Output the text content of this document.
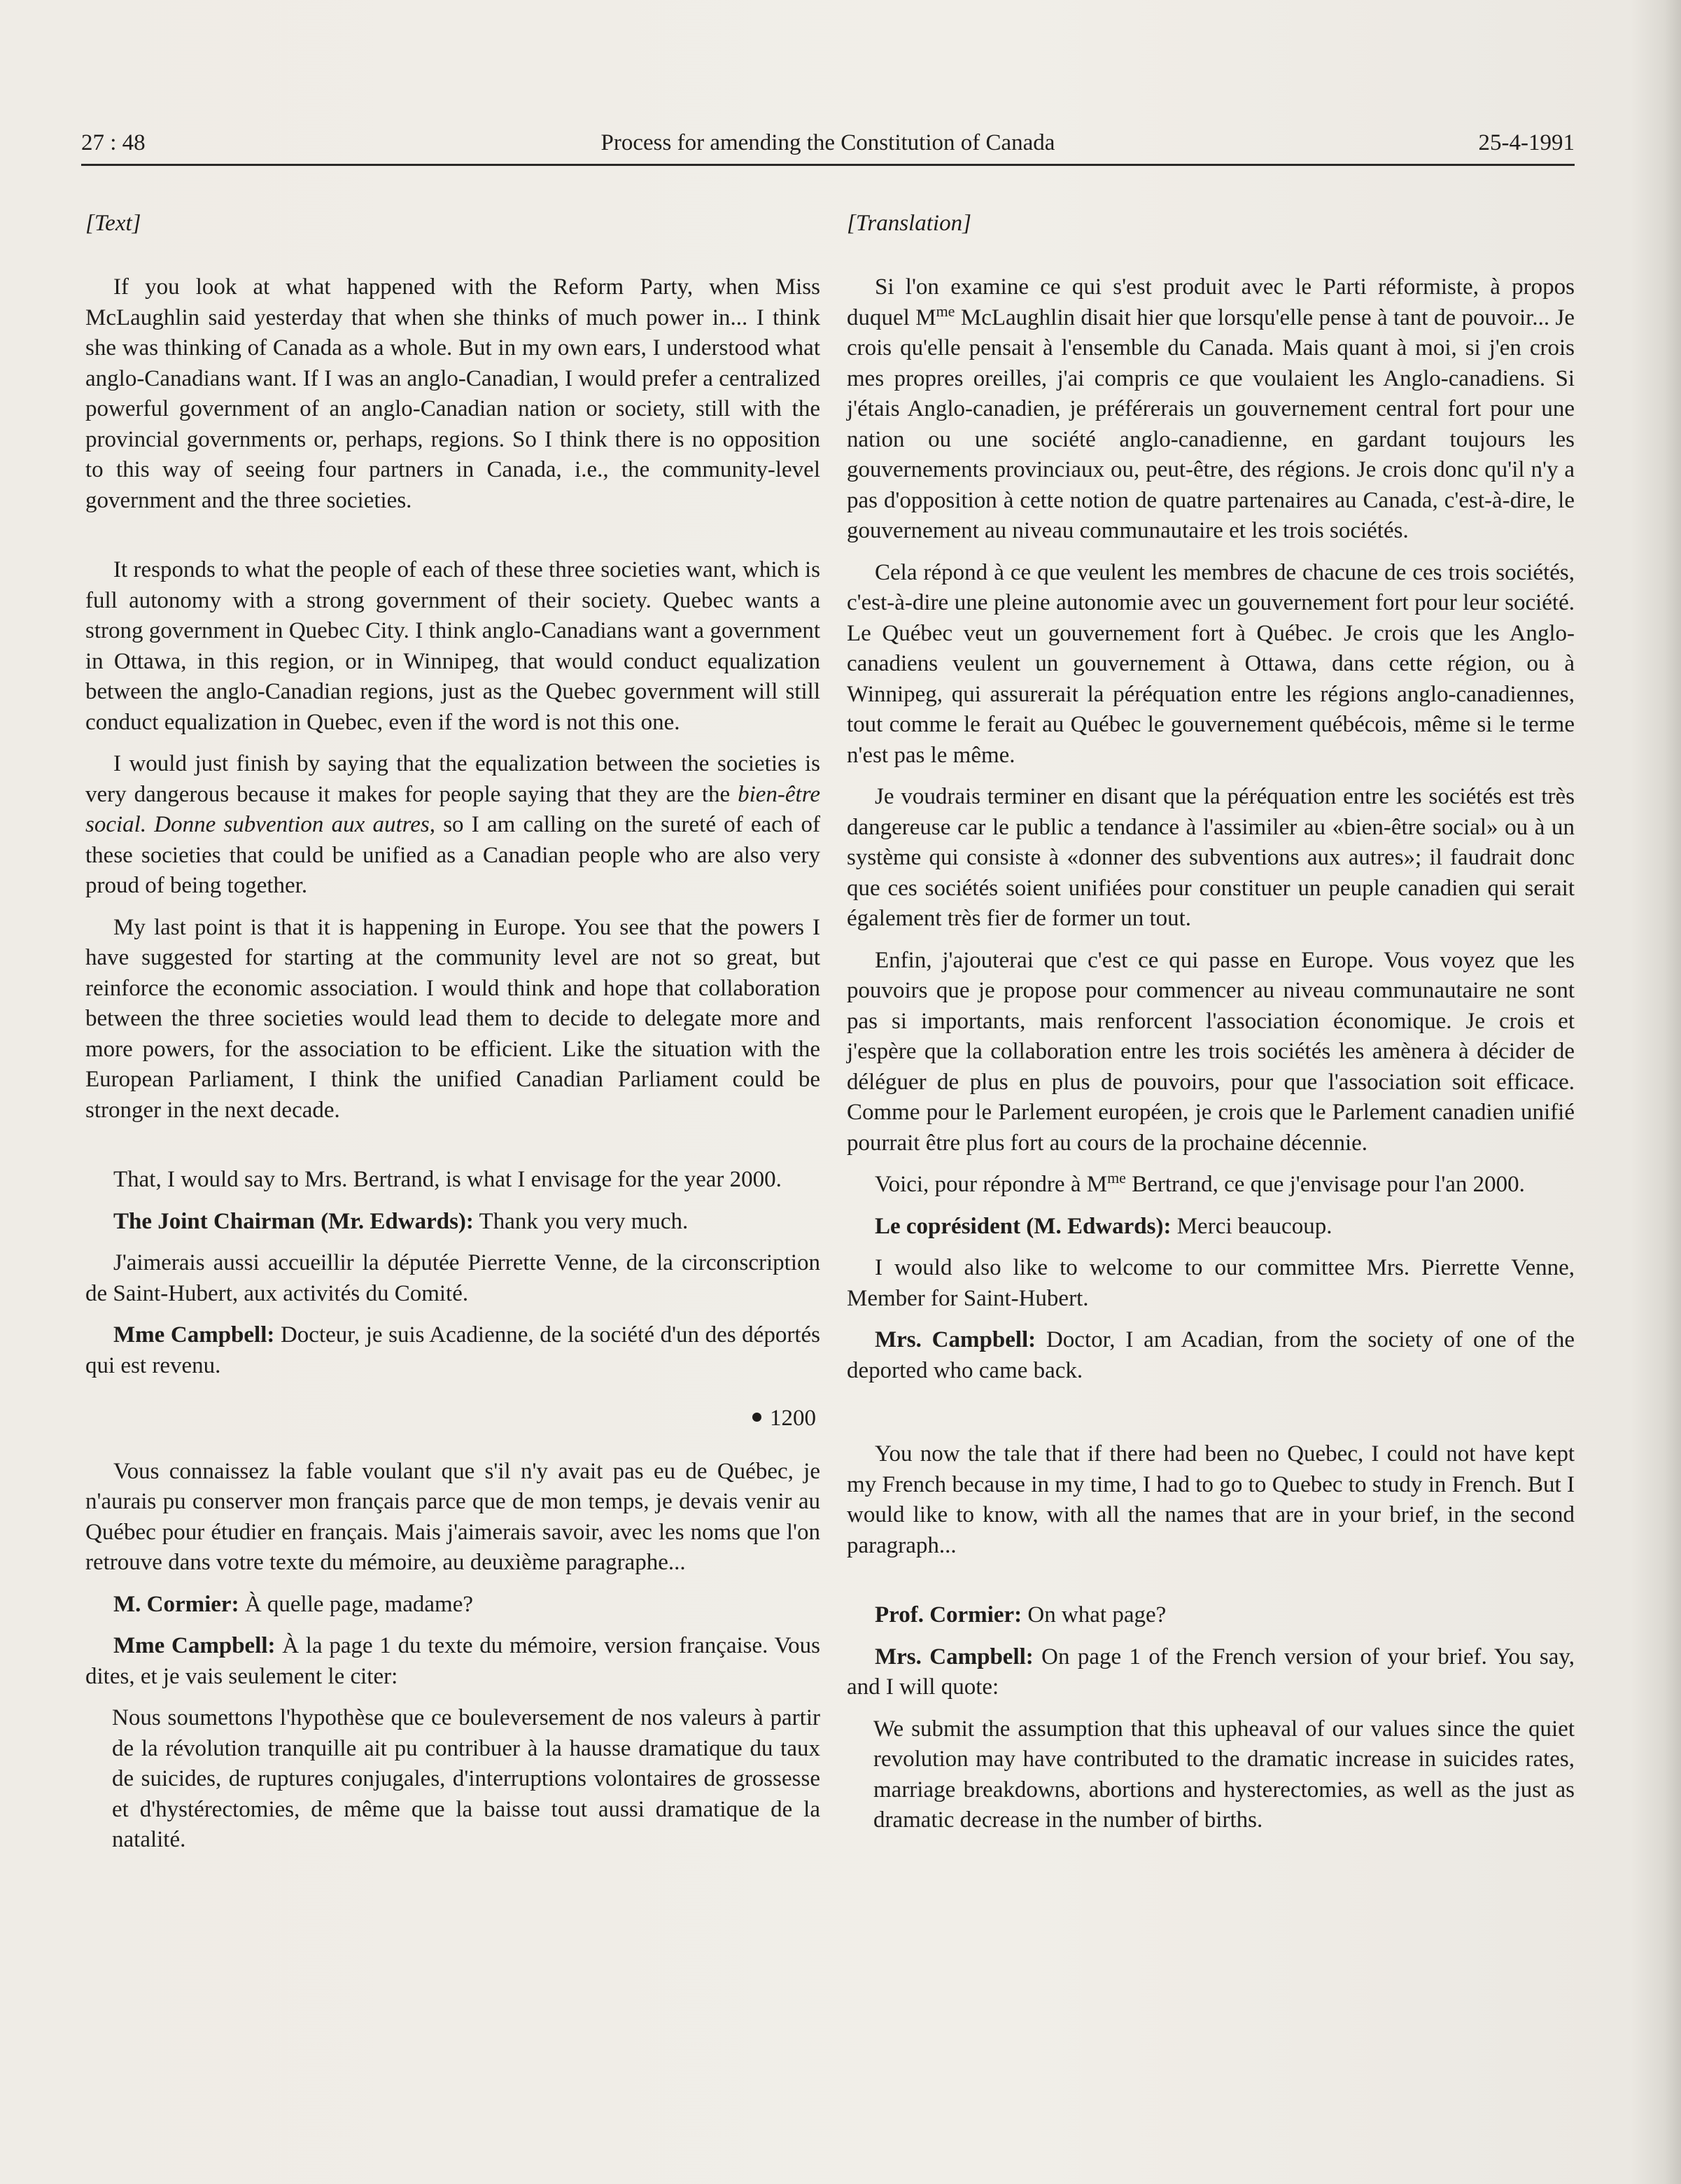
27 : 48	Process for amending the Constitution of Canada	25-4-1991
[Text]

If you look at what happened with the Reform Party, when Miss McLaughlin said yesterday that when she thinks of much power in... I think she was thinking of Canada as a whole. But in my own ears, I understood what anglo-Canadians want. If I was an anglo-Canadian, I would prefer a centralized powerful government of an anglo-Canadian nation or society, still with the provincial governments or, perhaps, regions. So I think there is no opposition to this way of seeing four partners in Canada, i.e., the community-level government and the three societies.

It responds to what the people of each of these three societies want, which is full autonomy with a strong government of their society. Quebec wants a strong government in Quebec City. I think anglo-Canadians want a government in Ottawa, in this region, or in Winnipeg, that would conduct equalization between the anglo-Canadian regions, just as the Quebec government will still conduct equalization in Quebec, even if the word is not this one.

I would just finish by saying that the equalization between the societies is very dangerous because it makes for people saying that they are the bien-être social. Donne subvention aux autres, so I am calling on the sureté of each of these societies that could be unified as a Canadian people who are also very proud of being together.

My last point is that it is happening in Europe. You see that the powers I have suggested for starting at the community level are not so great, but reinforce the economic association. I would think and hope that collaboration between the three societies would lead them to decide to delegate more and more powers, for the association to be efficient. Like the situation with the European Parliament, I think the unified Canadian Parliament could be stronger in the next decade.

That, I would say to Mrs. Bertrand, is what I envisage for the year 2000.

The Joint Chairman (Mr. Edwards): Thank you very much.

J'aimerais aussi accueillir la députée Pierrette Venne, de la circonscription de Saint-Hubert, aux activités du Comité.

Mme Campbell: Docteur, je suis Acadienne, de la société d'un des déportés qui est revenu.

1200

Vous connaissez la fable voulant que s'il n'y avait pas eu de Québec, je n'aurais pu conserver mon français parce que de mon temps, je devais venir au Québec pour étudier en français. Mais j'aimerais savoir, avec les noms que l'on retrouve dans votre texte du mémoire, au deuxième paragraphe...

M. Cormier: À quelle page, madame?

Mme Campbell: À la page 1 du texte du mémoire, version française. Vous dites, et je vais seulement le citer:

Nous soumettons l'hypothèse que ce bouleversement de nos valeurs à partir de la révolution tranquille ait pu contribuer à la hausse dramatique du taux de suicides, de ruptures conjugales, d'interruptions volontaires de grossesse et d'hystérectomies, de même que la baisse tout aussi dramatique de la natalité.

[Translation]

Si l'on examine ce qui s'est produit avec le Parti réformiste, à propos duquel $M^{me}$ McLaughlin disait hier que lorsqu'elle pense à tant de pouvoir... Je crois qu'elle pensait à l'ensemble du Canada. Mais quant à moi, si j'en crois mes propres oreilles, j'ai compris ce que voulaient les Anglo-canadiens. Si j'étais Anglo-canadien, je préférerais un gouvernement central fort pour une nation ou une société anglo-canadienne, en gardant toujours les gouvernements provinciaux ou, peut-être, des régions. Je crois donc qu'il n'y a pas d'opposition à cette notion de quatre partenaires au Canada, c'est-à-dire, le gouvernement au niveau communautaire et les trois sociétés.

Cela répond à ce que veulent les membres de chacune de ces trois sociétés, c'est-à-dire une pleine autonomie avec un gouvernement fort pour leur société. Le Québec veut un gouvernement fort à Québec. Je crois que les Anglo-canadiens veulent un gouvernement à Ottawa, dans cette région, ou à Winnipeg, qui assurerait la péréquation entre les régions anglo-canadiennes, tout comme le ferait au Québec le gouvernement québécois, même si le terme n'est pas le même.

Je voudrais terminer en disant que la péréquation entre les sociétés est très dangereuse car le public a tendance à l'assimiler au «bien-être social» ou à un système qui consiste à «donner des subventions aux autres»; il faudrait donc que ces sociétés soient unifiées pour constituer un peuple canadien qui serait également très fier de former un tout.

Enfin, j'ajouterai que c'est ce qui passe en Europe. Vous voyez que les pouvoirs que je propose pour commencer au niveau communautaire ne sont pas si importants, mais renforcent l'association économique. Je crois et j'espère que la collaboration entre les trois sociétés les amènera à décider de déléguer de plus en plus de pouvoirs, pour que l'association soit efficace. Comme pour le Parlement européen, je crois que le Parlement canadien unifié pourrait être plus fort au cours de la prochaine décennie.

Voici, pour répondre à $M^{me}$ Bertrand, ce que j'envisage pour l'an 2000.

Le coprésident (M. Edwards): Merci beaucoup.

I would also like to welcome to our committee Mrs. Pierrette Venne, Member for Saint-Hubert.

Mrs. Campbell: Doctor, I am Acadian, from the society of one of the deported who came back.

You now the tale that if there had been no Quebec, I could not have kept my French because in my time, I had to go to Quebec to study in French. But I would like to know, with all the names that are in your brief, in the second paragraph...

Prof. Cormier: On what page?

Mrs. Campbell: On page 1 of the French version of your brief. You say, and I will quote:

We submit the assumption that this upheaval of our values since the quiet revolution may have contributed to the dramatic increase in suicides rates, marriage breakdowns, abortions and hysterectomies, as well as the just as dramatic decrease in the number of births.
